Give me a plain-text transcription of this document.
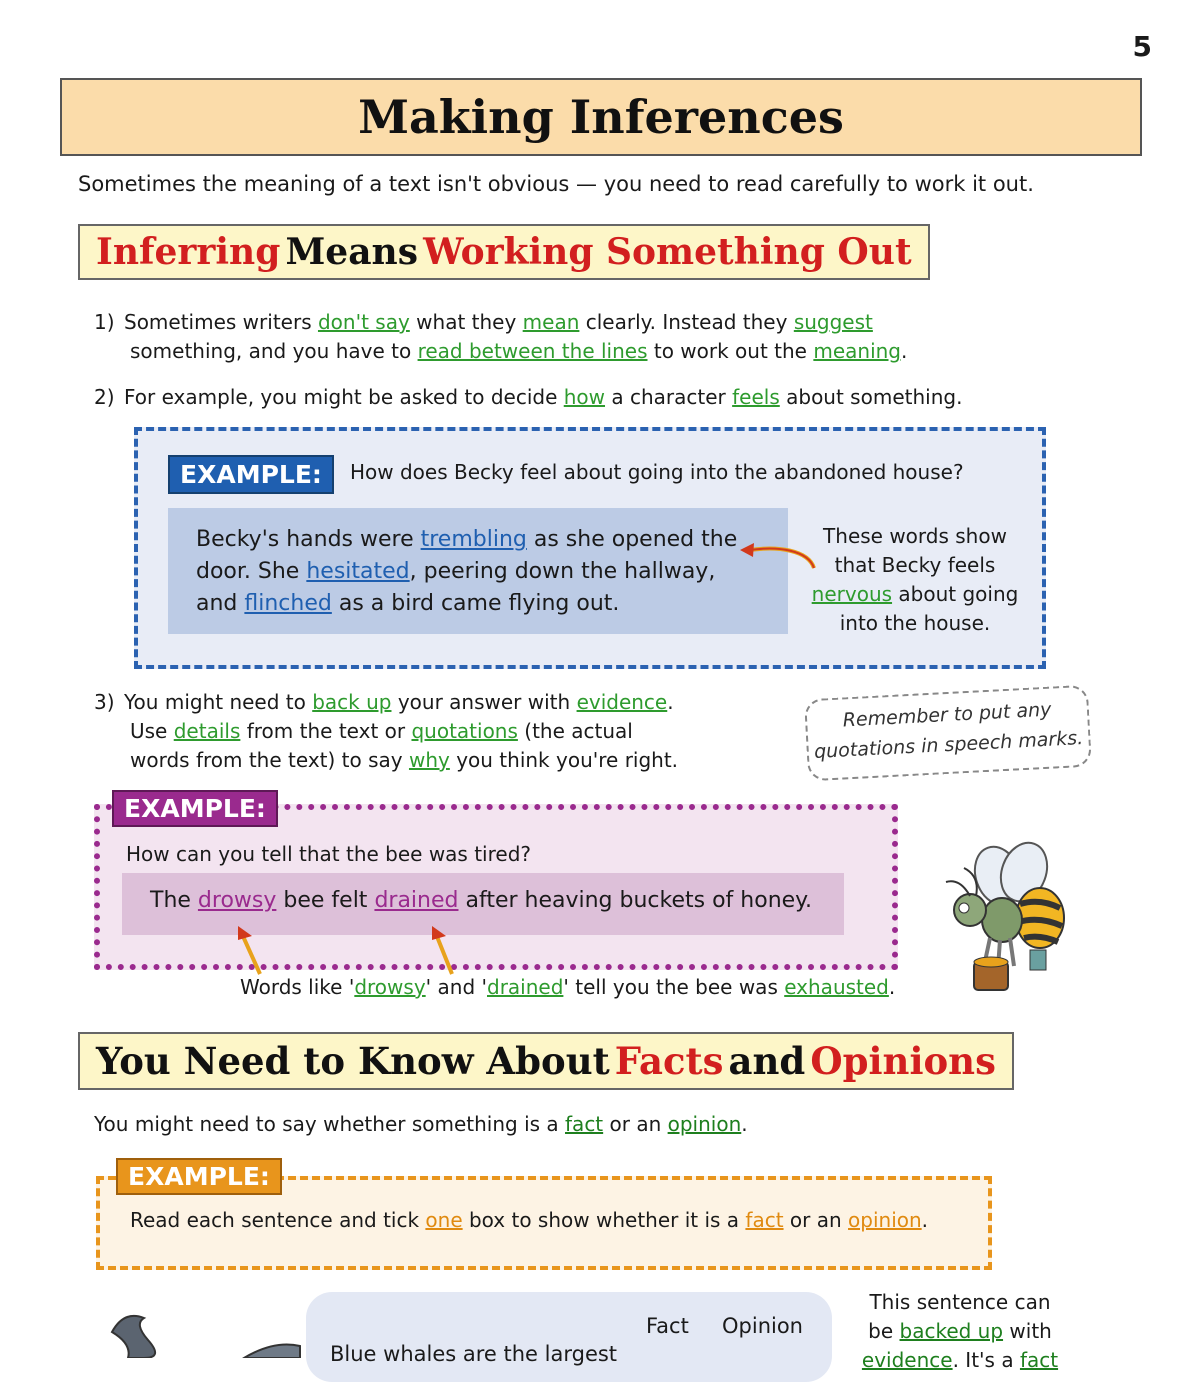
5
Making Inferences
Sometimes the meaning of a text isn't obvious — you need to read carefully to work it out.
Inferring Means Working Something Out
1) Sometimes writers don't say what they mean clearly. Instead they suggest
something, and you have to read between the lines to work out the meaning.
2) For example, you might be asked to decide how a character feels about something.
EXAMPLE:	How does Becky feel about going into the abandoned house?
Becky's hands were trembling as she opened the
door. She hesitated, peering down the hallway,
and flinched as a bird came flying out.
These words show
that Becky feels
nervous about going
into the house.
3) You might need to back up your answer with evidence.
Use details from the text or quotations (the actual
words from the text) to say why you think you're right.
Remember to put any
quotations in speech marks.
EXAMPLE:
How can you tell that the bee was tired?
The drowsy bee felt drained after heaving buckets of honey.
Words like 'drowsy' and 'drained' tell you the bee was exhausted.
You Need to Know About Facts and Opinions
You might need to say whether something is a fact or an opinion.
EXAMPLE:
Read each sentence and tick one box to show whether it is a fact or an opinion.
Fact Opinion
Blue whales are the largest
This sentence can
be backed up with
evidence. It's a fact
